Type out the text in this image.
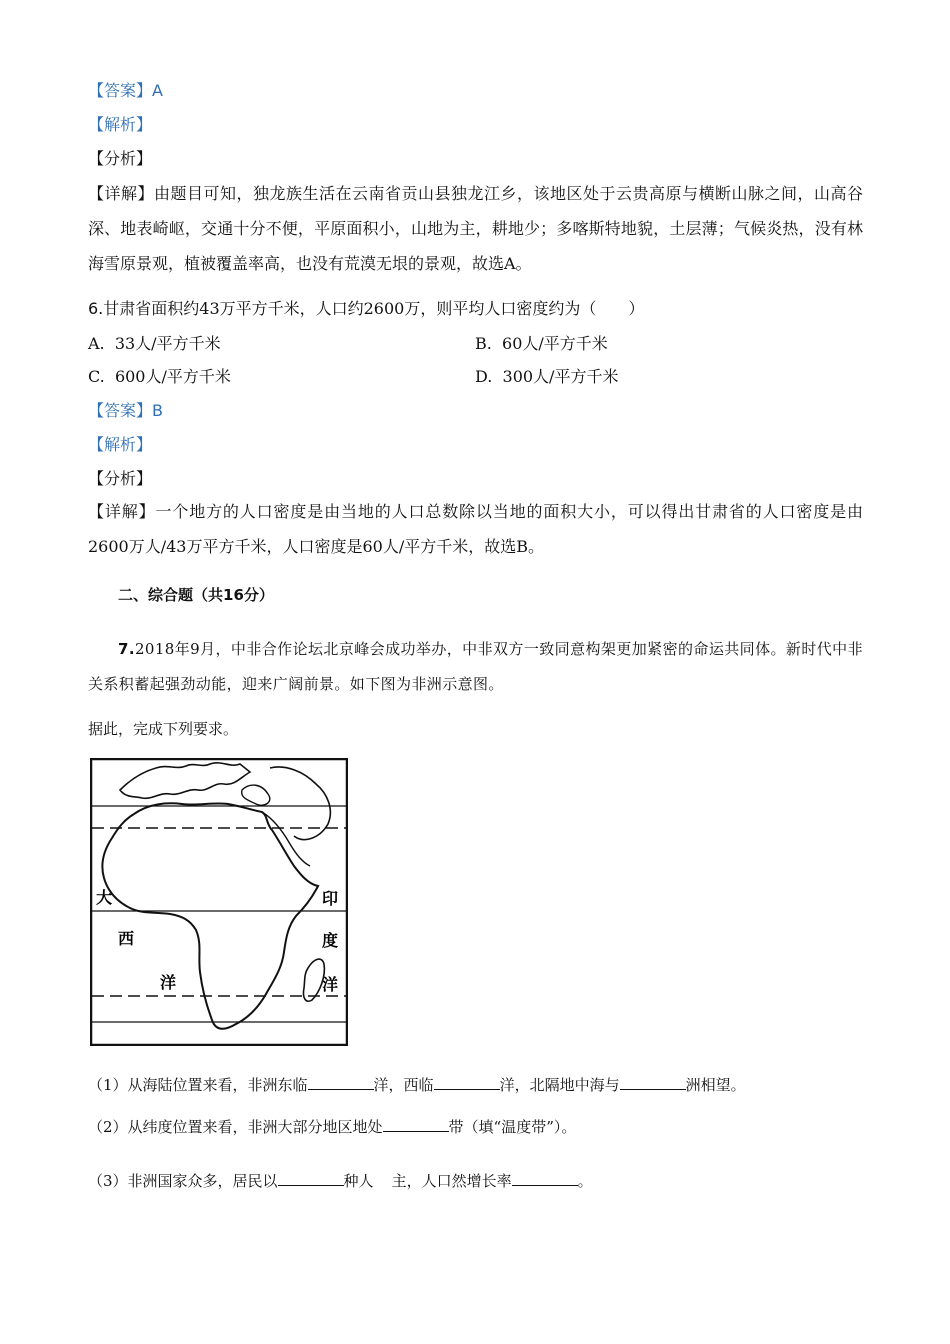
【答案】A
【解析】
【分析】
【详解】由题目可知，独龙族生活在云南省贡山县独龙江乡，该地区处于云贵高原与横断山脉之间，山高谷深、地表崎岖，交通十分不便，平原面积小，山地为主，耕地少；多喀斯特地貌，土层薄；气候炎热，没有林海雪原景观，植被覆盖率高，也没有荒漠无垠的景观，故选A。
6.甘肃省面积约43万平方千米，人口约2600万，则平均人口密度约为（　　）
A. 33人/平方千米	B. 60人/平方千米
C. 600人/平方千米	D. 300人/平方千米
【答案】B
【解析】
【分析】
【详解】一个地方的人口密度是由当地的人口总数除以当地的面积大小，可以得出甘肃省的人口密度是由2600万人/43万平方千米，人口密度是60人/平方千米，故选B。
二、综合题（共16分）
7.2018年9月，中非合作论坛北京峰会成功举办，中非双方一致同意构架更加紧密的命运共同体。新时代中非关系积蓄起强劲动能，迎来广阔前景。如下图为非洲示意图。
据此，完成下列要求。
大
西
洋
印
度
洋
（1）从海陆位置来看，非洲东临	洋，西临	洋，北隔地中海与	洲相望。
（2）从纬度位置来看，非洲大部分地区地处	带（填“温度带”）。
（3）非洲国家众多，居民以	种人 主，人口然增长率	。
